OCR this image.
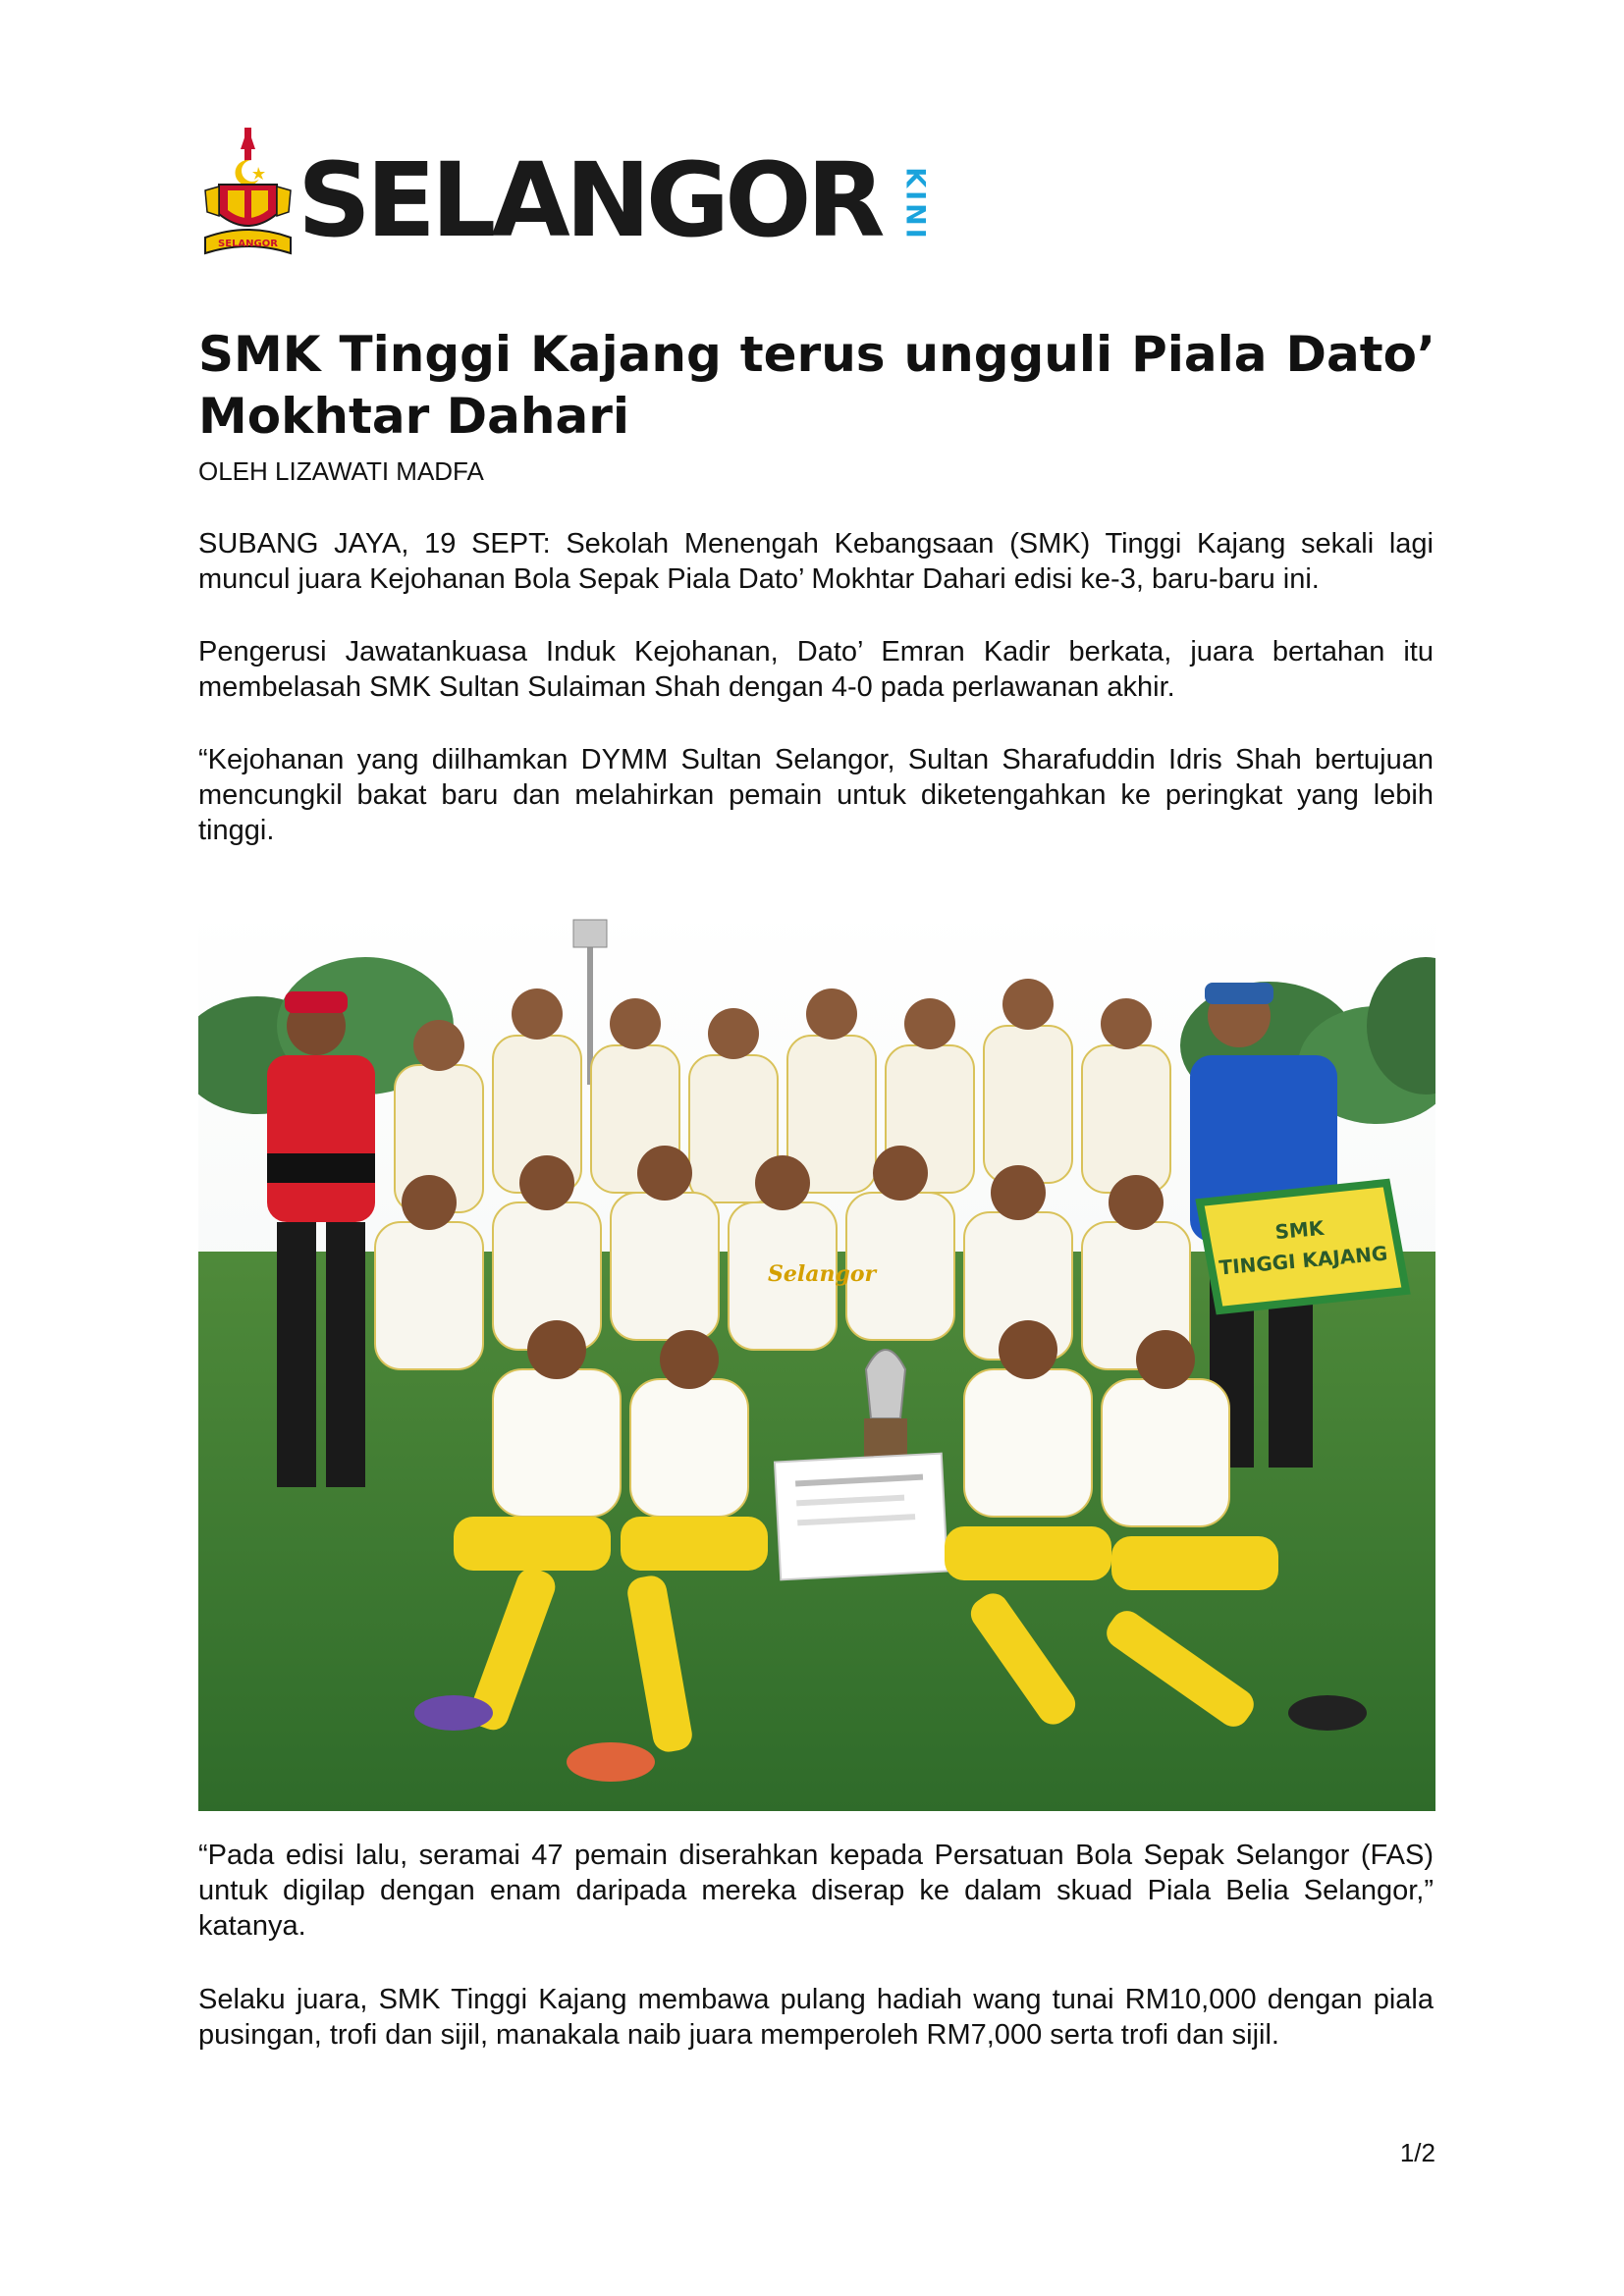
SELANGOR SELANGOR KINI
SMK Tinggi Kajang terus ungguli Piala Dato’ Mokhtar Dahari
OLEH LIZAWATI MADFA

SUBANG JAYA, 19 SEPT: Sekolah Menengah Kebangsaan (SMK) Tinggi Kajang sekali lagi muncul juara Kejohanan Bola Sepak Piala Dato’ Mokhtar Dahari edisi ke-3, baru-baru ini.

Pengerusi Jawatankuasa Induk Kejohanan, Dato’ Emran Kadir berkata, juara bertahan itu membelasah SMK Sultan Sulaiman Shah dengan 4-0 pada perlawanan akhir.

“Kejohanan yang diilhamkan DYMM Sultan Selangor, Sultan Sharafuddin Idris Shah bertujuan mencungkil bakat baru dan melahirkan pemain untuk diketengahkan ke peringkat yang lebih tinggi.

SMK
TINGGI KAJANG
Selangor

“Pada edisi lalu, seramai 47 pemain diserahkan kepada Persatuan Bola Sepak Selangor (FAS) untuk digilap dengan enam daripada mereka diserap ke dalam skuad Piala Belia Selangor,” katanya.

Selaku juara, SMK Tinggi Kajang membawa pulang hadiah wang tunai RM10,000 dengan piala pusingan, trofi dan sijil, manakala naib juara memperoleh RM7,000 serta trofi dan sijil.

1/2
